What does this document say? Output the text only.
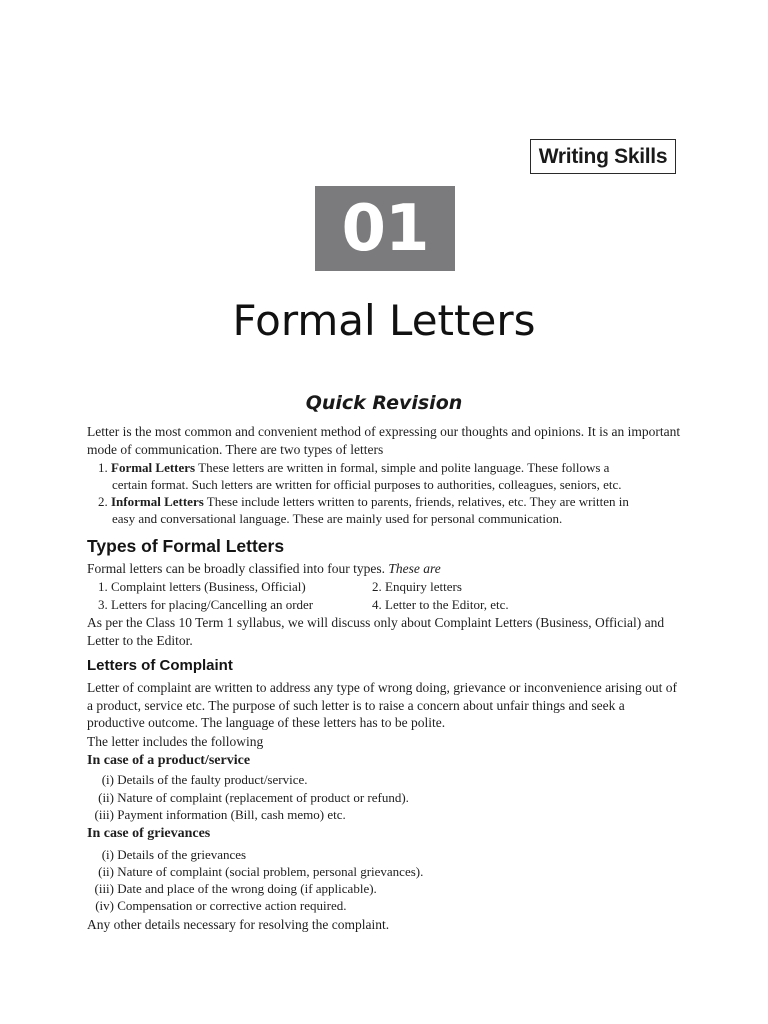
Writing Skills
01
Formal Letters
Quick Revision
Letter is the most common and convenient method of expressing our thoughts and opinions. It is an important mode of communication. There are two types of letters
1. Formal Letters These letters are written in formal, simple and polite language. These follows a
certain format. Such letters are written for official purposes to authorities, colleagues, seniors, etc.
2. Informal Letters These include letters written to parents, friends, relatives, etc. They are written in
easy and conversational language. These are mainly used for personal communication.
Types of Formal Letters
Formal letters can be broadly classified into four types. These are
1. Complaint letters (Business, Official)	2. Enquiry letters
3. Letters for placing/Cancelling an order	4. Letter to the Editor, etc.
As per the Class 10 Term 1 syllabus, we will discuss only about Complaint Letters (Business, Official) and Letter to the Editor.
Letters of Complaint
Letter of complaint are written to address any type of wrong doing, grievance or inconvenience arising out of a product, service etc. The purpose of such letter is to raise a concern about unfair things and seek a productive outcome. The language of these letters has to be polite.
The letter includes the following
In case of a product/service
(i) Details of the faulty product/service.
(ii) Nature of complaint (replacement of product or refund).
(iii) Payment information (Bill, cash memo) etc.
In case of grievances
(i) Details of the grievances
(ii) Nature of complaint (social problem, personal grievances).
(iii) Date and place of the wrong doing (if applicable).
(iv) Compensation or corrective action required.
Any other details necessary for resolving the complaint.
